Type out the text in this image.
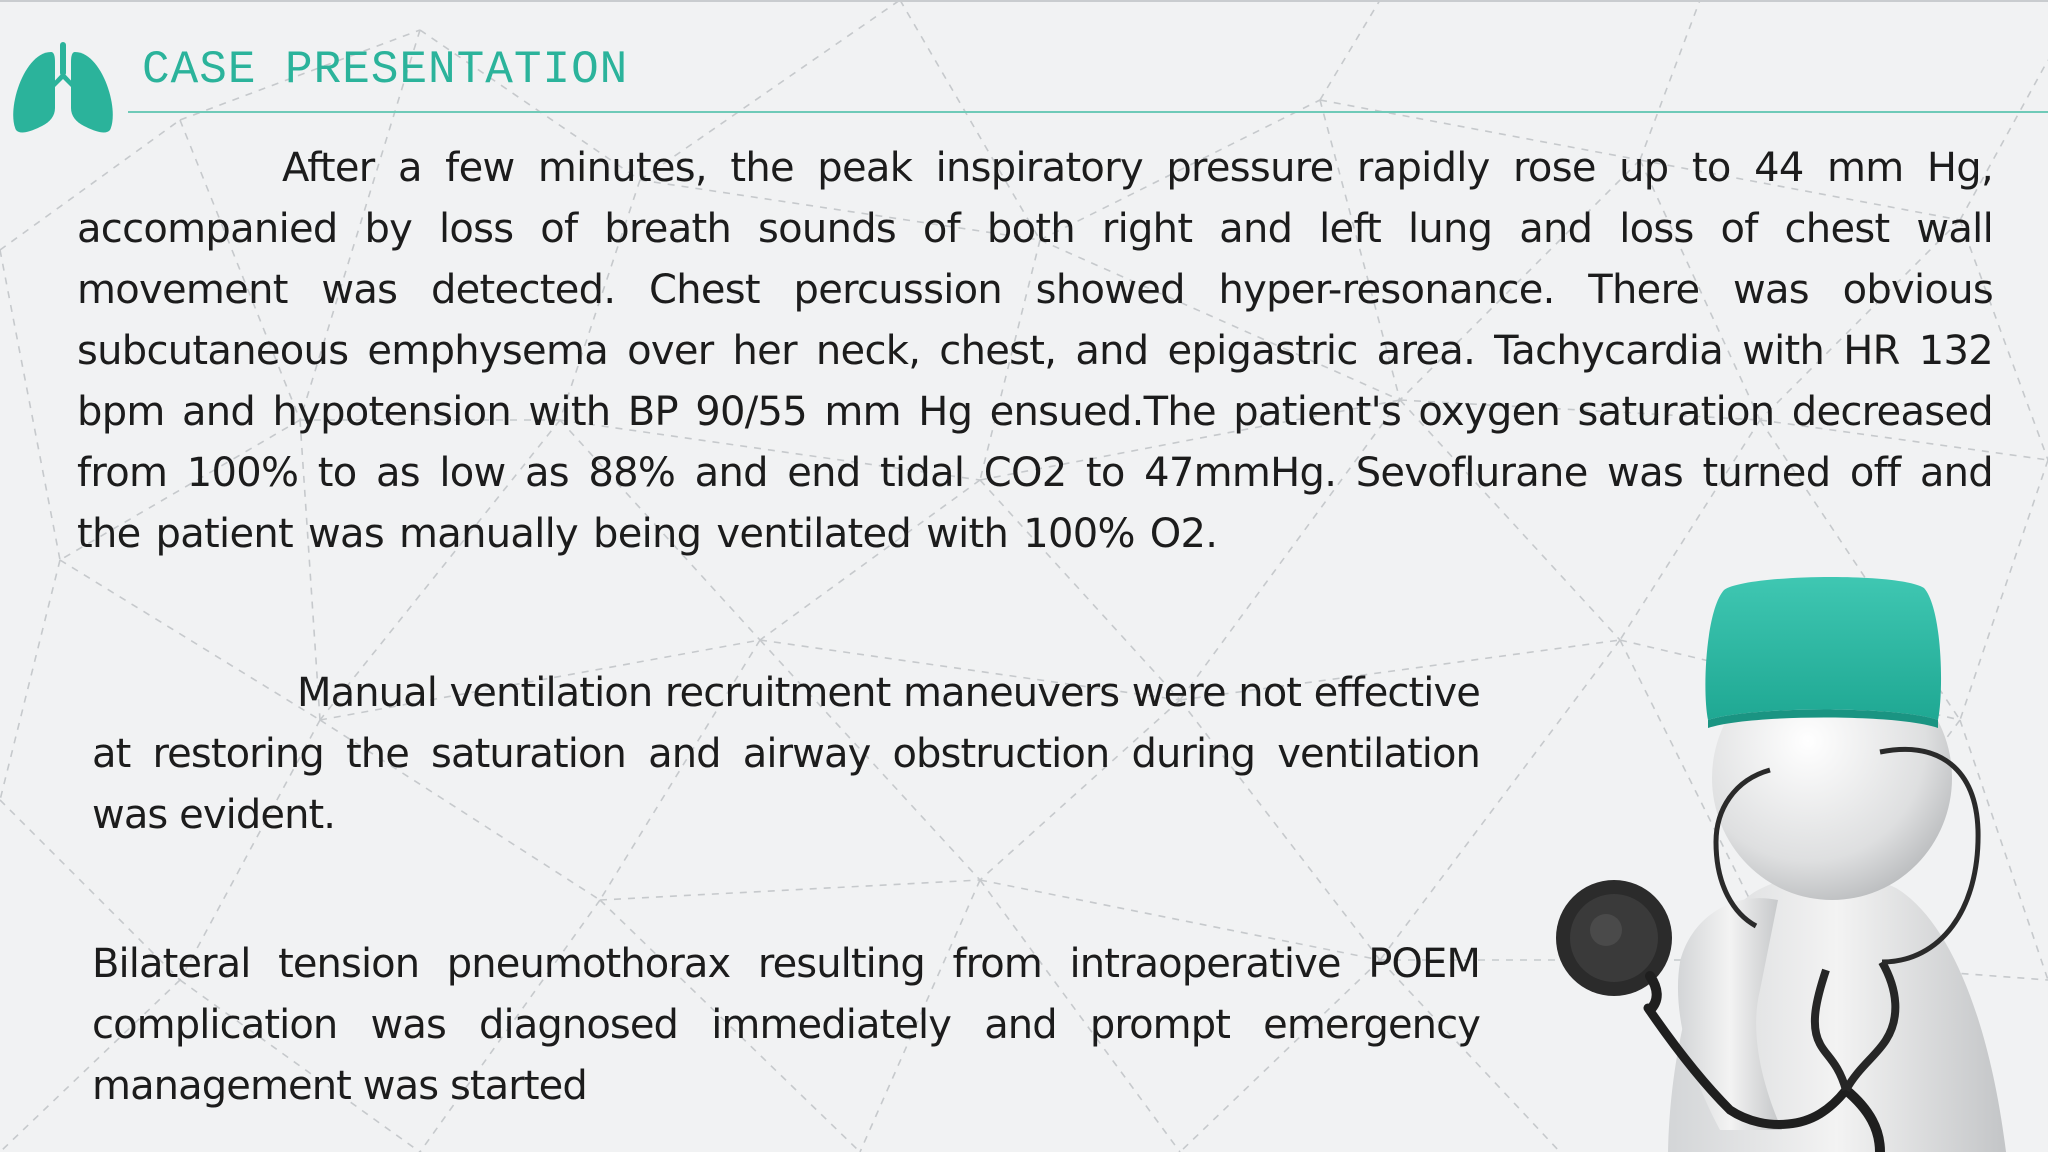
CASE PRESENTATION

After a few minutes, the peak inspiratory pressure rapidly rose up to 44 mm Hg, accompanied by loss of breath sounds of both right and left lung and loss of chest wall movement was detected. Chest percussion showed hyper-resonance. There was obvious subcutaneous emphysema over her neck, chest, and epigastric area. Tachycardia with HR 132 bpm and hypotension with BP 90/55 mm Hg ensued.The patient's oxygen saturation decreased from 100% to as low as 88% and end tidal CO2 to 47mmHg. Sevoflurane was turned off and the patient was manually being ventilated with 100% O2.

Manual ventilation recruitment maneuvers were not effective at restoring the saturation and airway obstruction during ventilation was evident.

Bilateral tension pneumothorax resulting from intraoperative POEM complication was diagnosed immediately and prompt emergency management was started
